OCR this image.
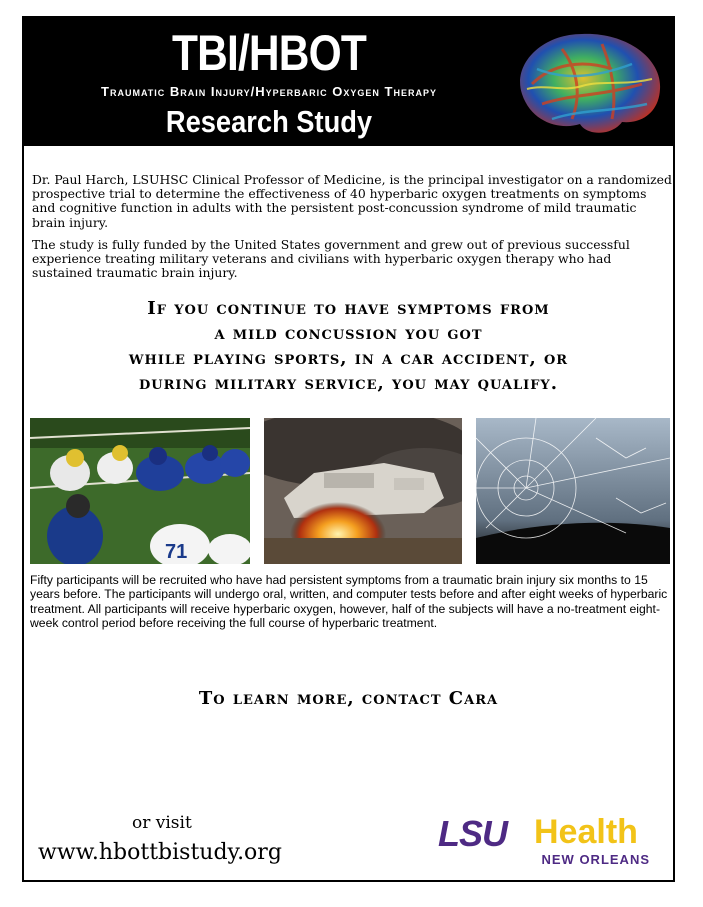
TBI/HBOT
Traumatic Brain Injury/Hyperbaric Oxygen Therapy
Research Study

Dr. Paul Harch, LSUHSC Clinical Professor of Medicine, is the principal investigator on a randomized prospective trial to determine the effectiveness of 40 hyperbaric oxygen treatments on symptoms and cognitive function in adults with the persistent post-concussion syndrome of mild traumatic brain injury.

The study is fully funded by the United States government and grew out of previous successful experience treating military veterans and civilians with hyperbaric oxygen therapy who had sustained traumatic brain injury.

If you continue to have symptoms from
a mild concussion you got
while playing sports, in a car accident, or
during military service, you may qualify.
71

Fifty participants will be recruited who have had persistent symptoms from a traumatic brain injury six months to 15 years before. The participants will undergo oral, written, and computer tests before and after eight weeks of hyperbaric treatment. All participants will receive hyperbaric oxygen, however, half of the subjects will have a no-treatment eight-week control period before receiving the full course of hyperbaric treatment.

To learn more, contact Cara
or visit
www.hbottbistudy.org	LSU Health
NEW ORLEANS
